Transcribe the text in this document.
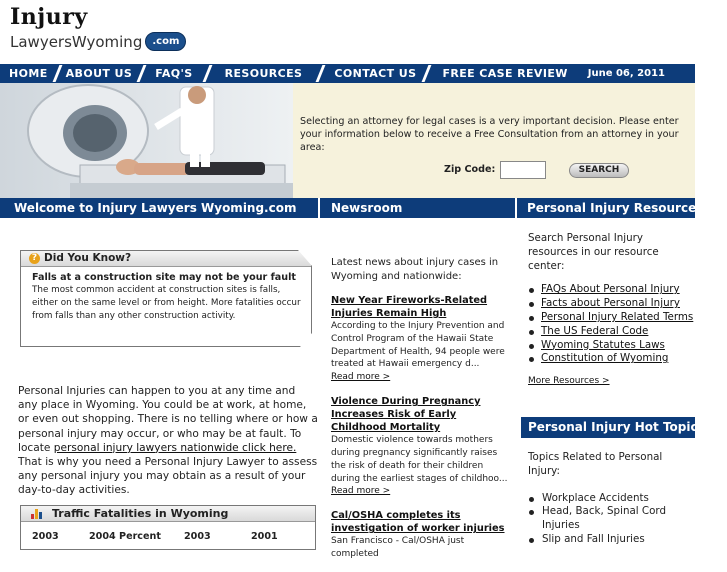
Injury
LawyersWyoming	.com
HOME	ABOUT US	FAQ'S	RESOURCES	CONTACT US	FREE CASE REVIEW	June 06, 2011
Selecting an attorney for legal cases is a very important decision. Please enter your information below to receive a Free Consultation from an attorney in your area:
Zip Code:	SEARCH
Welcome to Injury Lawyers Wyoming.com	Newsroom	Personal Injury Resources
? Did You Know?
Falls at a construction site may not be your fault
The most common accident at construction sites is falls, either on the same level or from height. More fatalities occur from falls than any other construction activity.
Personal Injuries can happen to you at any time and any place in Wyoming. You could be at work, at home, or even out shopping. There is no telling where or how a personal injury may occur, or who may be at fault. To locate personal injury lawyers nationwide click here. That is why you need a Personal Injury Lawyer to assess any personal injury you may obtain as a result of your day-to-day activities.
Traffic Fatalities in Wyoming
2003	2004 Percent	2003	2001
Latest news about injury cases in Wyoming and nationwide:
New Year Fireworks-Related Injuries Remain High
According to the Injury Prevention and Control Program of the Hawaii State Department of Health, 94 people were treated at Hawaii emergency d...
Read more >
Violence During Pregnancy Increases Risk of Early Childhood Mortality
Domestic violence towards mothers during pregnancy significantly raises the risk of death for their children during the earliest stages of childhoo...
Read more >
Cal/OSHA completes its investigation of worker injuries
San Francisco - Cal/OSHA just completed
Search Personal Injury resources in our resource center:
FAQs About Personal Injury
Facts about Personal Injury
Personal Injury Related Terms
The US Federal Code
Wyoming Statutes Laws
Constitution of Wyoming
More Resources >
Personal Injury Hot Topics
Topics Related to Personal Injury:
Workplace Accidents
Head, Back, Spinal Cord Injuries
Slip and Fall Injuries
